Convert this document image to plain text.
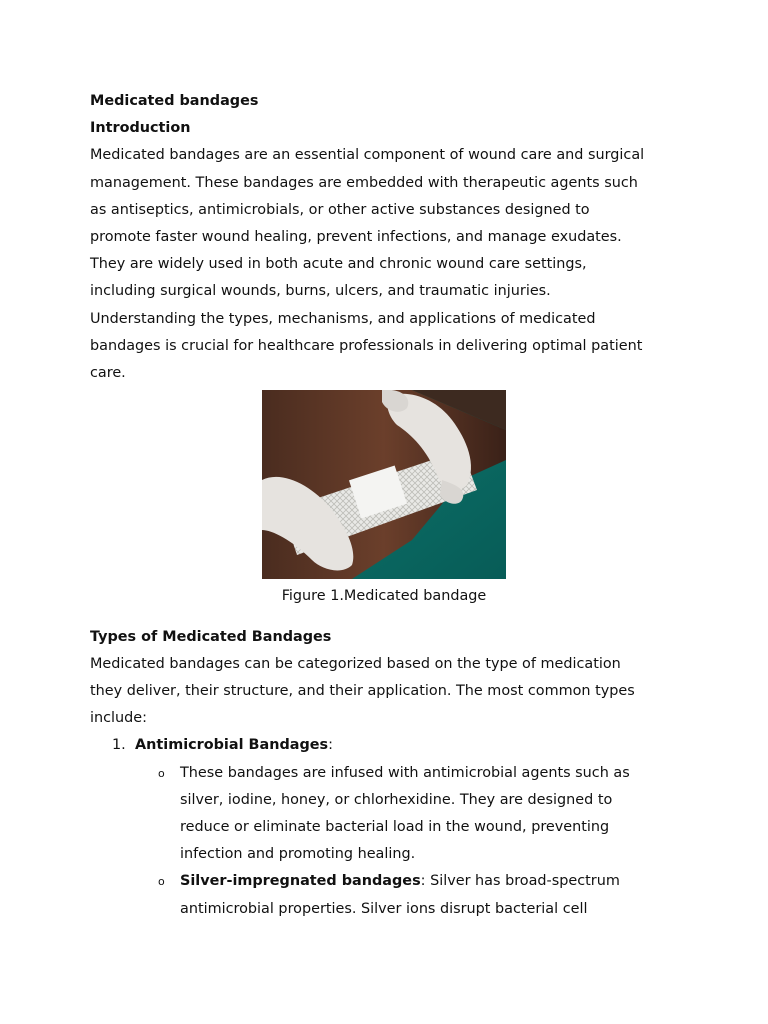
Medicated bandages

Introduction

Medicated bandages are an essential component of wound care and surgical

management. These bandages are embedded with therapeutic agents such

as antiseptics, antimicrobials, or other active substances designed to

promote faster wound healing, prevent infections, and manage exudates.

They are widely used in both acute and chronic wound care settings,

including surgical wounds, burns, ulcers, and traumatic injuries.

Understanding the types, mechanisms, and applications of medicated

bandages is crucial for healthcare professionals in delivering optimal patient

care.

Figure 1.Medicated bandage

Types of Medicated Bandages

Medicated bandages can be categorized based on the type of medication

they deliver, their structure, and their application. The most common types

include:

1. Antimicrobial Bandages:
o These bandages are infused with antimicrobial agents such as
silver, iodine, honey, or chlorhexidine. They are designed to
reduce or eliminate bacterial load in the wound, preventing
infection and promoting healing.
o Silver-impregnated bandages: Silver has broad-spectrum
antimicrobial properties. Silver ions disrupt bacterial cell
